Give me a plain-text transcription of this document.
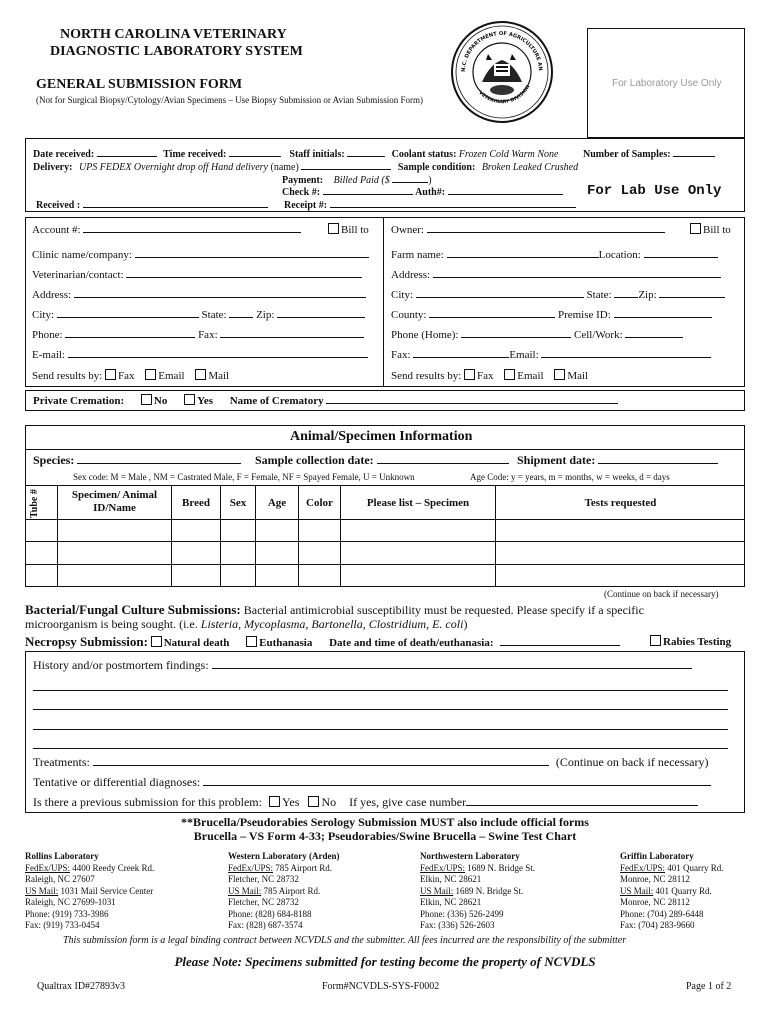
NORTH CAROLINA VETERINARY
DIAGNOSTIC LABORATORY SYSTEM
GENERAL SUBMISSION FORM
(Not for Surgical Biopsy/Cytology/Avian Specimens – Use Biopsy Submission or Avian Submission Form)
N.C. DEPARTMENT OF AGRICULTURE AN
VETERINARY DIVISION	For Laboratory Use Only
Date received:	Time received:	Staff initials:	Coolant status: Frozen Cold Warm None Number of Samples:
Delivery: UPS FEDEX Overnight drop off Hand delivery (name)	Sample condition: Broken Leaked Crushed
Payment: Billed Paid ($	)
Check #:	Auth#:	For Lab Use Only
Received :	Receipt #:
Account #:	Bill to
Clinic name/company:
Veterinarian/contact:
Address:
City:	State:	Zip:
Phone:	Fax:
E-mail:
Send results by: Fax Email Mail
Owner:	Bill to
Farm name:	Location:
Address:
City:	State: Zip:
County:	Premise ID:
Phone (Home):	Cell/Work:
Fax:	Email:
Send results by: Fax Email Mail
Private Cremation:	No	Yes Name of Crematory
Animal/Specimen Information
Species:	Sample collection date:	Shipment date:
Sex code: M = Male , NM = Castrated Male, F = Female, NF = Spayed Female, U = Unknown	Age Code: y = years, m = months, w = weeks, d = days
Tube #	Specimen/ Animal ID/Name	Breed	Sex	Age	Color	Please list – Specimen	Tests requested
(Continue on back if necessary)
Bacterial/Fungal Culture Submissions: Bacterial antimicrobial susceptibility must be requested. Please specify if a specific
microorganism is being sought. (i.e. Listeria, Mycoplasma, Bartonella, Clostridium, E. coli)
Necropsy Submission: Natural death	Euthanasia Date and time of death/euthanasia:	Rabies Testing
History and/or postmortem findings:
Treatments:	(Continue on back if necessary)
Tentative or differential diagnoses:
Is there a previous submission for this problem: Yes No If yes, give case number
**Brucella/Pseudorabies Serology Submission MUST also include official forms
Brucella – VS Form 4-33; Pseudorabies/Swine Brucella – Swine Test Chart
Rollins Laboratory
FedEx/UPS: 4400 Reedy Creek Rd.
Raleigh, NC 27607
US Mail: 1031 Mail Service Center
Raleigh, NC 27699-1031
Phone: (919) 733-3986
Fax: (919) 733-0454
Western Laboratory (Arden)
FedEx/UPS: 785 Airport Rd.
Fletcher, NC 28732
US Mail: 785 Airport Rd.
Fletcher, NC 28732
Phone: (828) 684-8188
Fax: (828) 687-3574
Northwestern Laboratory
FedEx/UPS: 1689 N. Bridge St.
Elkin, NC 28621
US Mail: 1689 N. Bridge St.
Elkin, NC 28621
Phone: (336) 526-2499
Fax: (336) 526-2603
Griffin Laboratory
FedEx/UPS: 401 Quarry Rd.
Monroe, NC 28112
US Mail: 401 Quarry Rd.
Monroe, NC 28112
Phone: (704) 289-6448
Fax: (704) 283-9660
This submission form is a legal binding contract between NCVDLS and the submitter. All fees incurred are the responsibility of the submitter
Please Note: Specimens submitted for testing become the property of NCVDLS
Qualtrax ID#27893v3	Form#NCVDLS-SYS-F0002	Page 1 of 2
